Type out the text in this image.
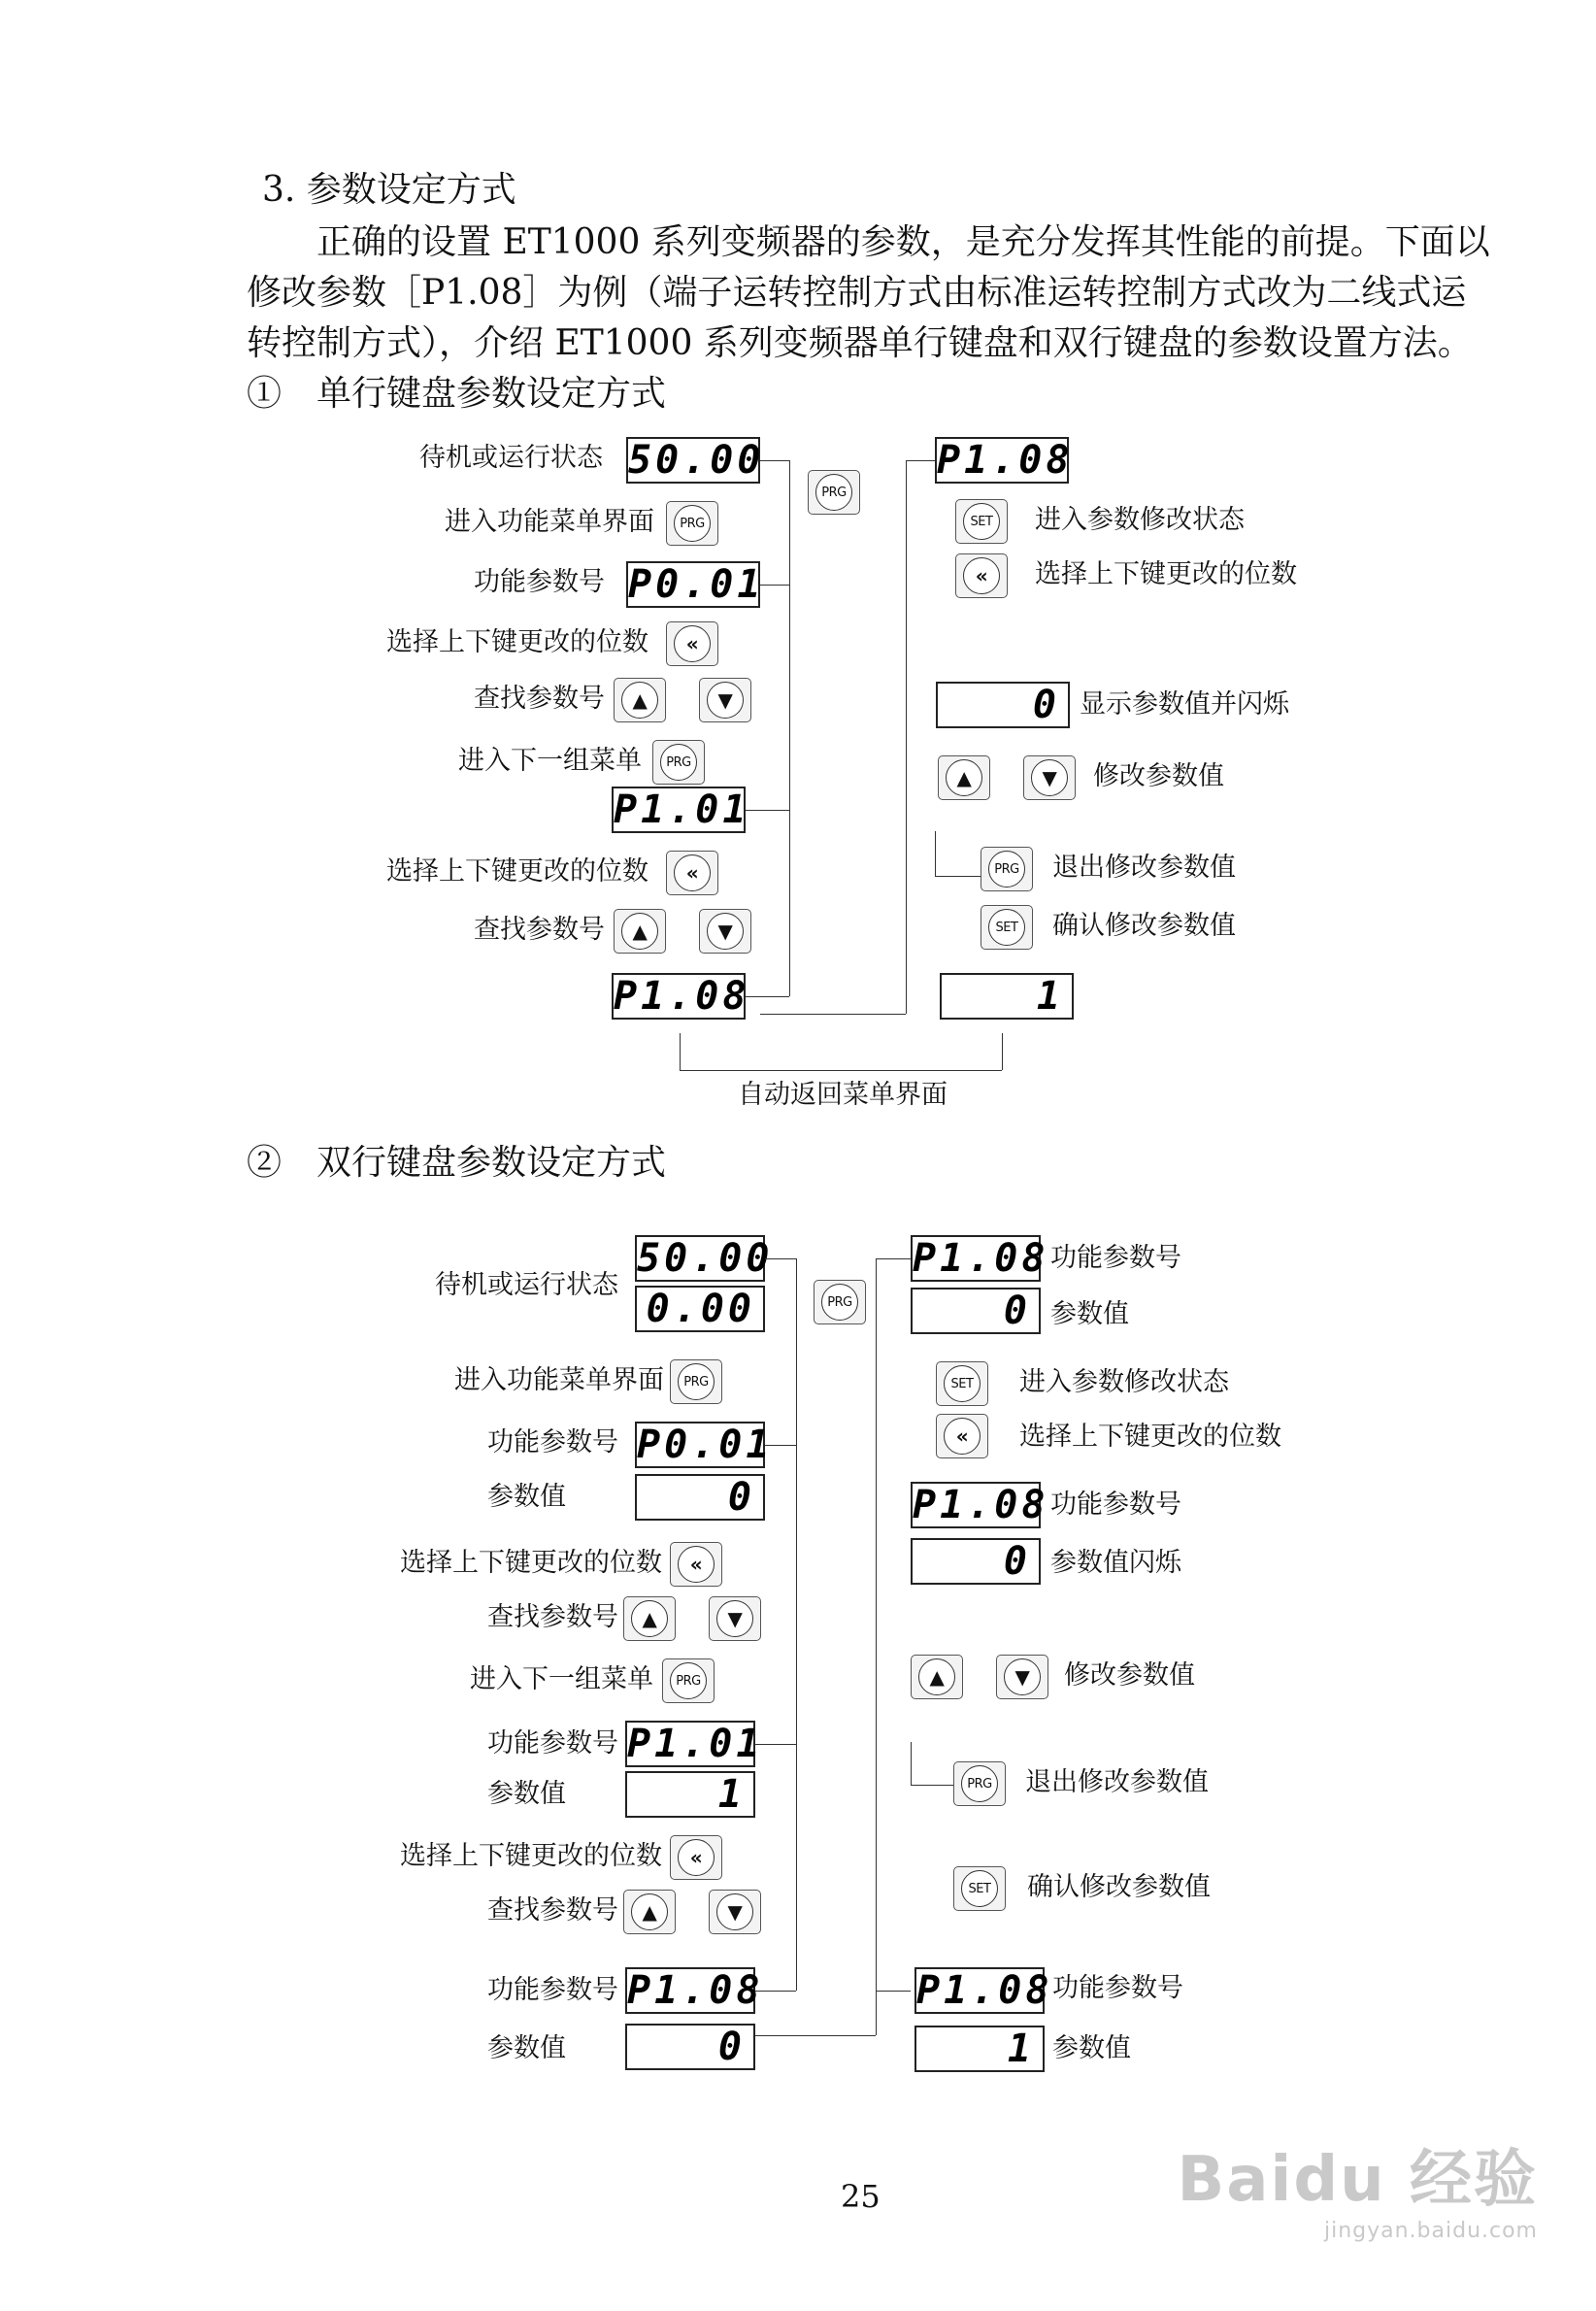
3. 参数设定方式
正确的设置 ET1000 系列变频器的参数，是充分发挥其性能的前提。下面以
修改参数［P1.08］为例（端子运转控制方式由标准运转控制方式改为二线式运
转控制方式），介绍 ET1000 系列变频器单行键盘和双行键盘的参数设置方法。
①　单行键盘参数设定方式
待机或运行状态 50.00
进入功能菜单界面	PRG
功能参数号 P0.01
选择上下键更改的位数 «
查找参数号 ▲	▼
进入下一组菜单	PRG
P1.01
选择上下键更改的位数 «
查找参数号 ▲	▼
P1.08
PRG
P1.08
SET 进入参数修改状态
« 选择上下键更改的位数
0 显示参数值并闪烁
▲	▼ 修改参数值
PRG 退出修改参数值
SET 确认修改参数值
1
自动返回菜单界面
②　双行键盘参数设定方式
50.00
0.00
待机或运行状态
进入功能菜单界面	PRG
功能参数号 P0.01
参数值	0
选择上下键更改的位数 «
查找参数号 ▲	▼
进入下一组菜单	PRG
功能参数号 P1.01
参数值	1
选择上下键更改的位数 «
查找参数号 ▲	▼
功能参数号 P1.08
参数值	0
PRG
P1.08 功能参数号
0 参数值
SET 进入参数修改状态
« 选择上下键更改的位数
P1.08 功能参数号
0 参数值闪烁
▲	▼ 修改参数值
PRG 退出修改参数值
SET 确认修改参数值
P1.08 功能参数号
1 参数值
25	Baidu 经验
jingyan.baidu.com
